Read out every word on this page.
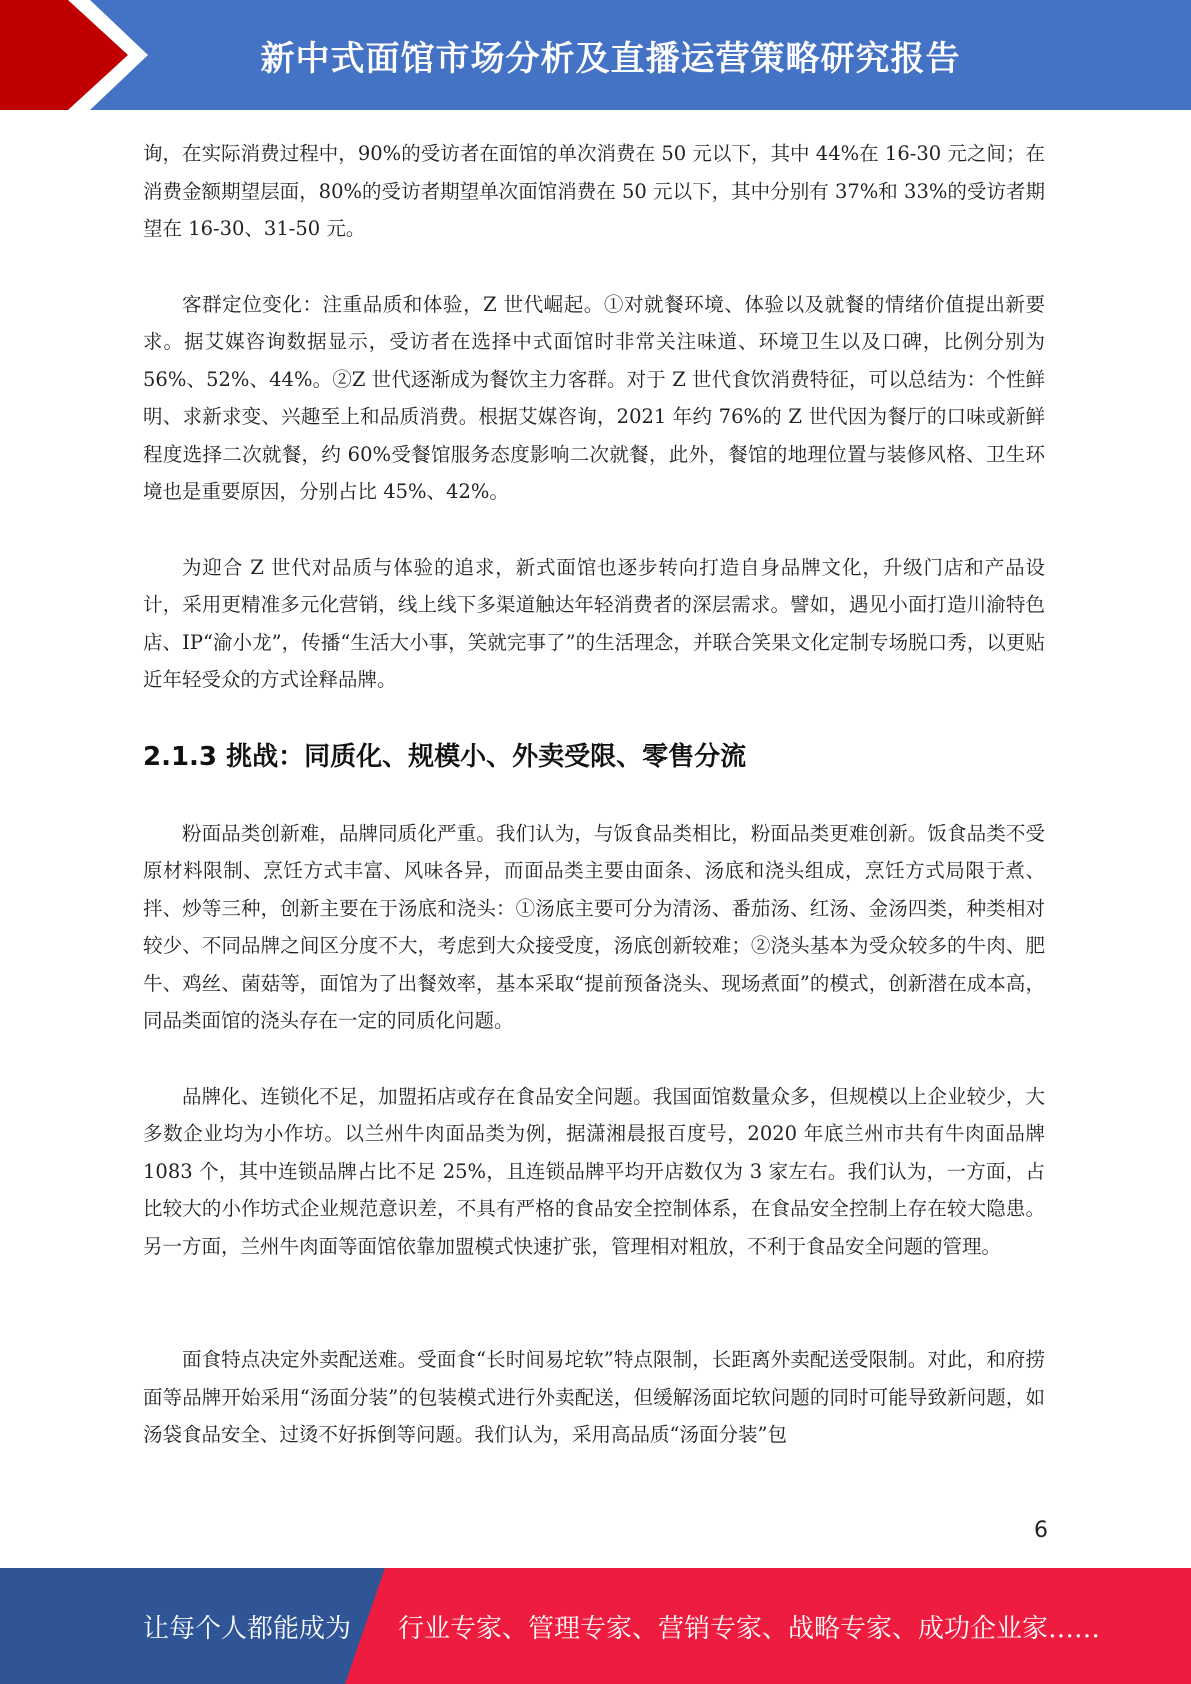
新中式面馆市场分析及直播运营策略研究报告

询，在实际消费过程中，90%的受访者在面馆的单次消费在 50 元以下，其中 44%在 16-30 元之间；在消费金额期望层面，80%的受访者期望单次面馆消费在 50 元以下，其中分别有 37%和 33%的受访者期望在 16-30、31-50 元。

客群定位变化：注重品质和体验，Z 世代崛起。①对就餐环境、体验以及就餐的情绪价值提出新要求。据艾媒咨询数据显示，受访者在选择中式面馆时非常关注味道、环境卫生以及口碑，比例分别为 56%、52%、44%。②Z 世代逐渐成为餐饮主力客群。对于 Z 世代食饮消费特征，可以总结为：个性鲜明、求新求变、兴趣至上和品质消费。根据艾媒咨询，2021 年约 76%的 Z 世代因为餐厅的口味或新鲜程度选择二次就餐，约 60%受餐馆服务态度影响二次就餐，此外，餐馆的地理位置与装修风格、卫生环境也是重要原因，分别占比 45%、42%。

为迎合 Z 世代对品质与体验的追求，新式面馆也逐步转向打造自身品牌文化，升级门店和产品设计，采用更精准多元化营销，线上线下多渠道触达年轻消费者的深层需求。譬如，遇见小面打造川渝特色店、IP“渝小龙”，传播“生活大小事，笑就完事了”的生活理念，并联合笑果文化定制专场脱口秀，以更贴近年轻受众的方式诠释品牌。

2.1.3 挑战：同质化、规模小、外卖受限、零售分流

粉面品类创新难，品牌同质化严重。我们认为，与饭食品类相比，粉面品类更难创新。饭食品类不受原材料限制、烹饪方式丰富、风味各异，而面品类主要由面条、汤底和浇头组成，烹饪方式局限于煮、拌、炒等三种，创新主要在于汤底和浇头：①汤底主要可分为清汤、番茄汤、红汤、金汤四类，种类相对较少、不同品牌之间区分度不大，考虑到大众接受度，汤底创新较难；②浇头基本为受众较多的牛肉、肥牛、鸡丝、菌菇等，面馆为了出餐效率，基本采取“提前预备浇头、现场煮面”的模式，创新潜在成本高，同品类面馆的浇头存在一定的同质化问题。

品牌化、连锁化不足，加盟拓店或存在食品安全问题。我国面馆数量众多，但规模以上企业较少，大多数企业均为小作坊。以兰州牛肉面品类为例，据潇湘晨报百度号，2020 年底兰州市共有牛肉面品牌 1083 个，其中连锁品牌占比不足 25%，且连锁品牌平均开店数仅为 3 家左右。我们认为，一方面，占比较大的小作坊式企业规范意识差，不具有严格的食品安全控制体系，在食品安全控制上存在较大隐患。另一方面，兰州牛肉面等面馆依靠加盟模式快速扩张，管理相对粗放，不利于食品安全问题的管理。

面食特点决定外卖配送难。受面食“长时间易坨软”特点限制，长距离外卖配送受限制。对此，和府捞面等品牌开始采用“汤面分装”的包装模式进行外卖配送，但缓解汤面坨软问题的同时可能导致新问题，如汤袋食品安全、过烫不好拆倒等问题。我们认为，采用高品质“汤面分装”包

6
让每个人都能成为 行业专家、管理专家、营销专家、战略专家、成功企业家……
